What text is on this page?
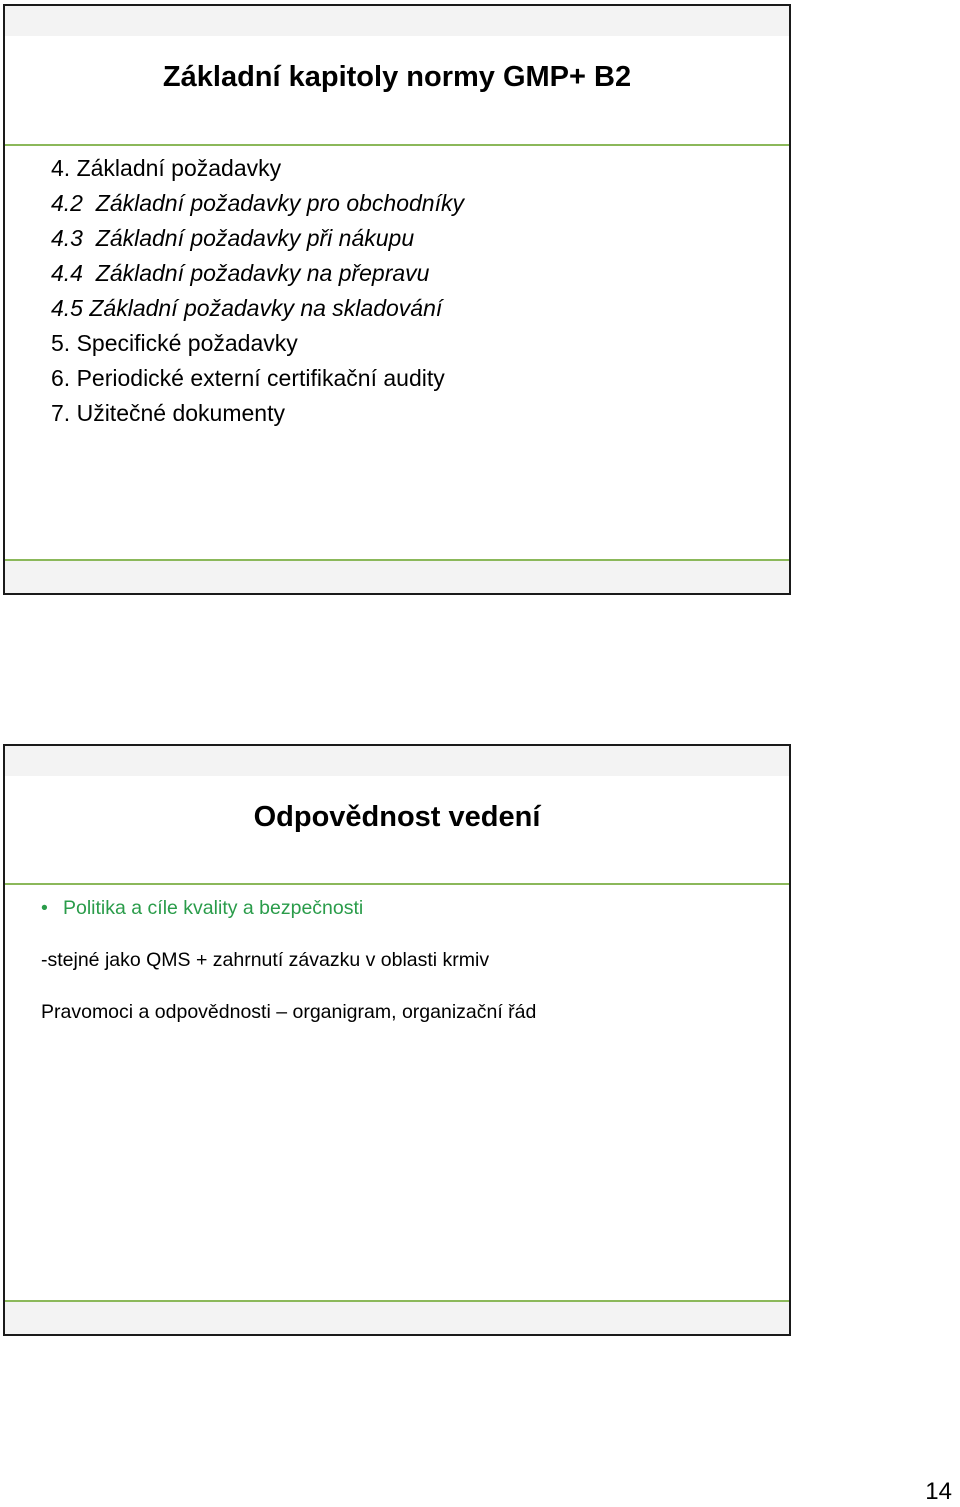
Základní kapitoly normy GMP+ B2
4. Základní požadavky
4.2 Základní požadavky pro obchodníky
4.3 Základní požadavky při nákupu
4.4 Základní požadavky na přepravu
4.5 Základní požadavky na skladování
5. Specifické požadavky
6. Periodické externí certifikační audity
7. Užitečné dokumenty
Odpovědnost vedení
• Politika a cíle kvality a bezpečnosti
-stejné jako QMS + zahrnutí závazku v oblasti krmiv
Pravomoci a odpovědnosti – organigram, organizační řád
14
